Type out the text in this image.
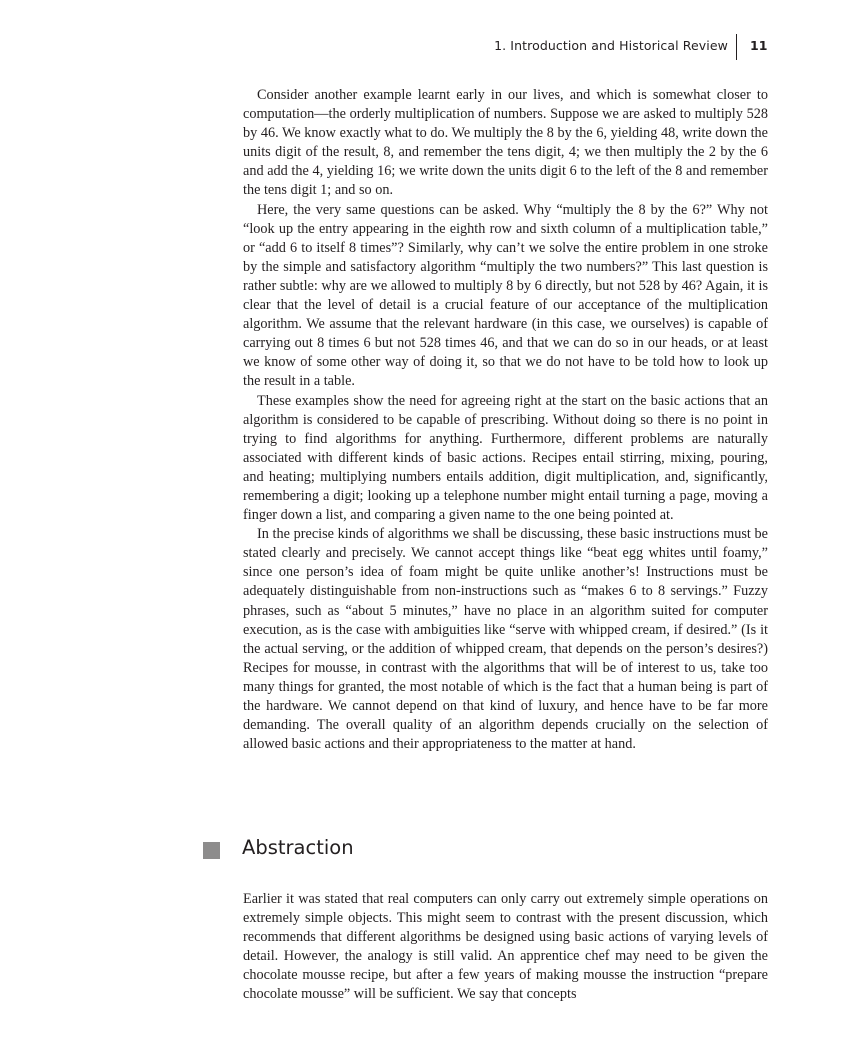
1. Introduction and Historical Review 11

Consider another example learnt early in our lives, and which is somewhat closer to computation—the orderly multiplication of numbers. Suppose we are asked to multiply 528 by 46. We know exactly what to do. We multiply the 8 by the 6, yielding 48, write down the units digit of the result, 8, and remember the tens digit, 4; we then multiply the 2 by the 6 and add the 4, yielding 16; we write down the units digit 6 to the left of the 8 and remember the tens digit 1; and so on.

Here, the very same questions can be asked. Why “multiply the 8 by the 6?” Why not “look up the entry appearing in the eighth row and sixth column of a multiplication table,” or “add 6 to itself 8 times”? Similarly, why can’t we solve the entire problem in one stroke by the simple and satisfactory algorithm “multiply the two numbers?” This last question is rather subtle: why are we allowed to multiply 8 by 6 directly, but not 528 by 46? Again, it is clear that the level of detail is a crucial feature of our acceptance of the multiplication algorithm. We assume that the relevant hardware (in this case, we ourselves) is capable of carrying out 8 times 6 but not 528 times 46, and that we can do so in our heads, or at least we know of some other way of doing it, so that we do not have to be told how to look up the result in a table.

These examples show the need for agreeing right at the start on the basic actions that an algorithm is considered to be capable of prescribing. Without doing so there is no point in trying to find algorithms for anything. Furthermore, different problems are naturally associated with different kinds of basic actions. Recipes entail stirring, mixing, pouring, and heating; multiplying numbers entails addition, digit multiplication, and, significantly, remembering a digit; looking up a telephone number might entail turning a page, moving a finger down a list, and comparing a given name to the one being pointed at.

In the precise kinds of algorithms we shall be discussing, these basic instructions must be stated clearly and precisely. We cannot accept things like “beat egg whites until foamy,” since one person’s idea of foam might be quite unlike another’s! Instructions must be adequately distinguishable from non-instructions such as “makes 6 to 8 servings.” Fuzzy phrases, such as “about 5 minutes,” have no place in an algorithm suited for computer execution, as is the case with ambiguities like “serve with whipped cream, if desired.” (Is it the actual serving, or the addition of whipped cream, that depends on the person’s desires?) Recipes for mousse, in contrast with the algorithms that will be of interest to us, take too many things for granted, the most notable of which is the fact that a human being is part of the hardware. We cannot depend on that kind of luxury, and hence have to be far more demanding. The overall quality of an algorithm depends crucially on the selection of allowed basic actions and their appropriateness to the matter at hand.

Abstraction

Earlier it was stated that real computers can only carry out extremely simple operations on extremely simple objects. This might seem to contrast with the present discussion, which recommends that different algorithms be designed using basic actions of varying levels of detail. However, the analogy is still valid. An apprentice chef may need to be given the chocolate mousse recipe, but after a few years of making mousse the instruction “prepare chocolate mousse” will be sufficient. We say that concepts
